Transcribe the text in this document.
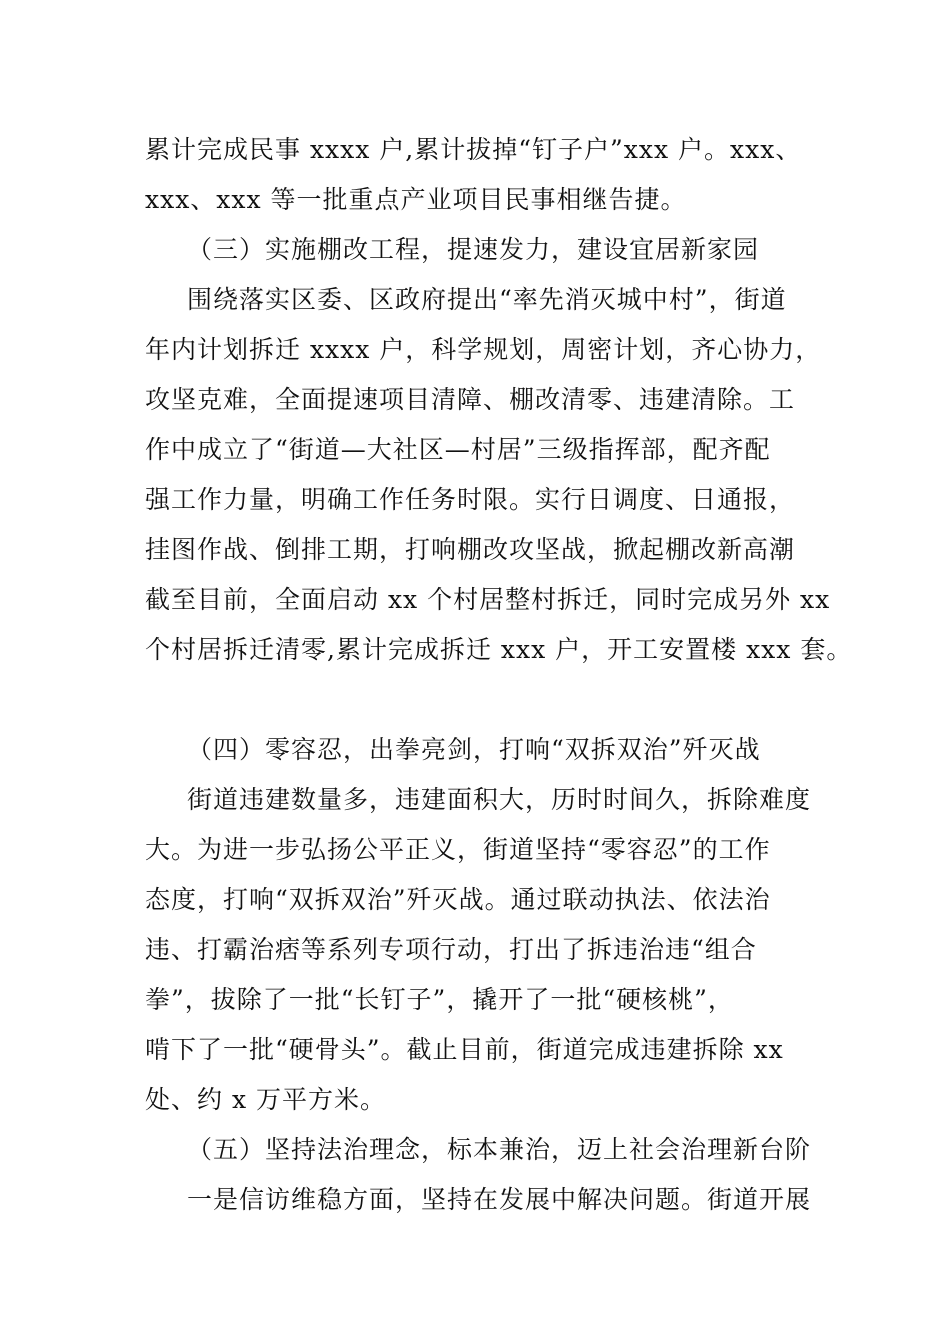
累计完成民事 xxxx 户,累计拔掉“钉子户”xxx 户。xxx、
xxx、xxx 等一批重点产业项目民事相继告捷。
（三）实施棚改工程，提速发力，建设宜居新家园
围绕落实区委、区政府提出“率先消灭城中村”，街道
年内计划拆迁 xxxx 户，科学规划，周密计划，齐心协力，
攻坚克难，全面提速项目清障、棚改清零、违建清除。工
作中成立了“街道—大社区—村居”三级指挥部，配齐配
强工作力量，明确工作任务时限。实行日调度、日通报，
挂图作战、倒排工期，打响棚改攻坚战，掀起棚改新高潮
截至目前，全面启动 xx 个村居整村拆迁，同时完成另外 xx
个村居拆迁清零,累计完成拆迁 xxx 户，开工安置楼 xxx 套。
（四）零容忍，出拳亮剑，打响“双拆双治”歼灭战
街道违建数量多，违建面积大，历时时间久，拆除难度
大。为进一步弘扬公平正义，街道坚持“零容忍”的工作
态度，打响“双拆双治”歼灭战。通过联动执法、依法治
违、打霸治痞等系列专项行动，打出了拆违治违“组合
拳”，拔除了一批“长钉子”，撬开了一批“硬核桃”，
啃下了一批“硬骨头”。截止目前，街道完成违建拆除 xx
处、约 x 万平方米。
（五）坚持法治理念，标本兼治，迈上社会治理新台阶
一是信访维稳方面，坚持在发展中解决问题。街道开展
